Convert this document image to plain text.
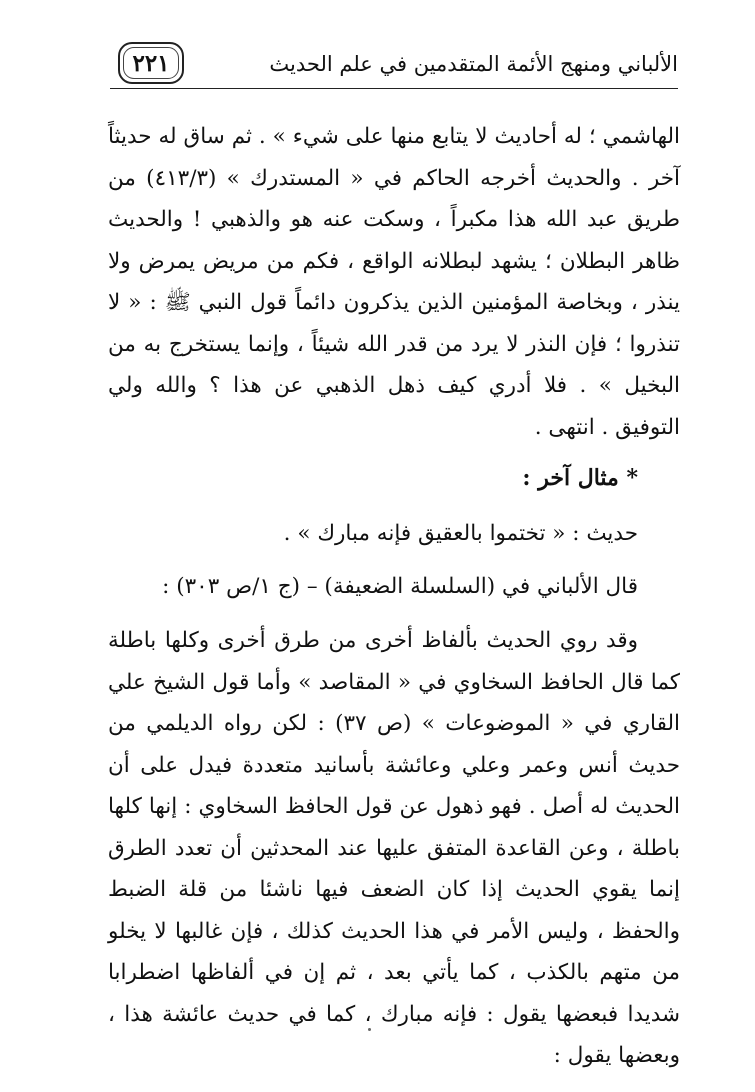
٢٢١	الألباني ومنهج الأئمة المتقدمين في علم الحديث

الهاشمي ؛ له أحاديث لا يتابع منها على شيء » . ثم ساق له حديثاً آخر . والحديث أخرجه الحاكم في « المستدرك » (٤١٣/٣) من طريق عبد الله هذا مكبراً ، وسكت عنه هو والذهبي ! والحديث ظاهر البطلان ؛ يشهد لبطلانه الواقع ، فكم من مريض يمرض ولا ينذر ، وبخاصة المؤمنين الذين يذكرون دائماً قول النبي ﷺ : « لا تنذروا ؛ فإن النذر لا يرد من قدر الله شيئاً ، وإنما يستخرج به من البخيل » . فلا أدري كيف ذهل الذهبي عن هذا ؟ والله ولي التوفيق . انتهى .

* مثال آخر :

حديث : « تختموا بالعقيق فإنه مبارك » .

قال الألباني في (السلسلة الضعيفة) – (ج ١/ص ٣٠٣) :

وقد روي الحديث بألفاظ أخرى من طرق أخرى وكلها باطلة كما قال الحافظ السخاوي في « المقاصد » وأما قول الشيخ علي القاري في « الموضوعات » (ص ٣٧) : لكن رواه الديلمي من حديث أنس وعمر وعلي وعائشة بأسانيد متعددة فيدل على أن الحديث له أصل . فهو ذهول عن قول الحافظ السخاوي : إنها كلها باطلة ، وعن القاعدة المتفق عليها عند المحدثين أن تعدد الطرق إنما يقوي الحديث إذا كان الضعف فيها ناشئا من قلة الضبط والحفظ ، وليس الأمر في هذا الحديث كذلك ، فإن غالبها لا يخلو من متهم بالكذب ، كما يأتي بعد ، ثم إن في ألفاظها اضطرابا شديدا فبعضها يقول : فإنه مبارك ، كما في حديث عائشة هذا ، وبعضها يقول :
